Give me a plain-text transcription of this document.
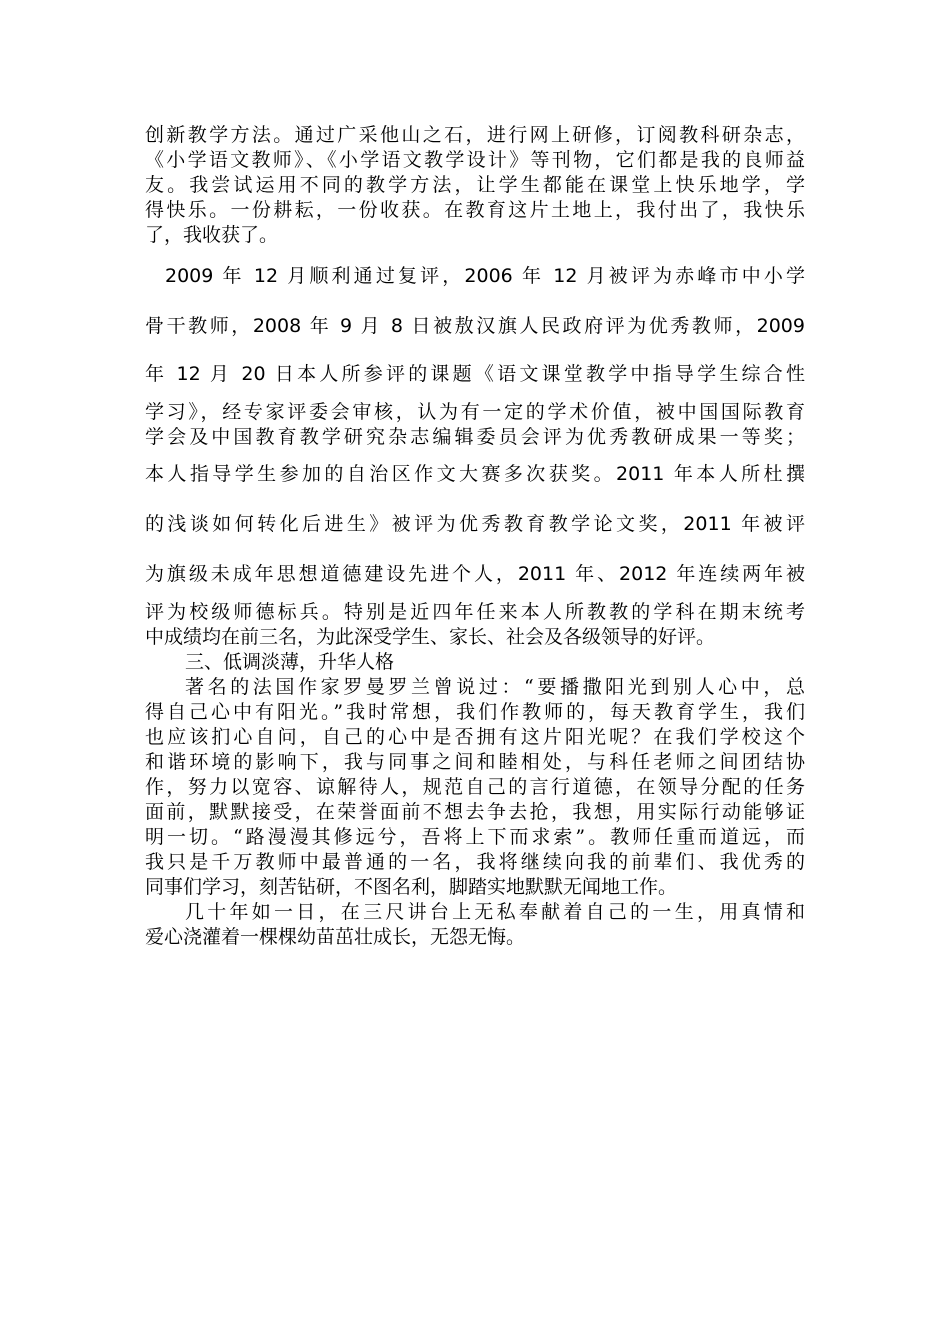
创新教学方法。通过广采他山之石，进行网上研修，订阅教科研杂志，

《小学语文教师》、《小学语文教学设计》等刊物，它们都是我的良师益

友。我尝试运用不同的教学方法，让学生都能在课堂上快乐地学，学

得快乐。一份耕耘，一份收获。在教育这片土地上，我付出了，我快乐

了，我收获了。

2009 年 12 月顺利通过复评，2006 年 12 月被评为赤峰市中小学

骨干教师，2008 年 9 月 8 日被敖汉旗人民政府评为优秀教师，2009

年 12 月 20 日本人所参评的课题《语文课堂教学中指导学生综合性

学习》，经专家评委会审核，认为有一定的学术价值，被中国国际教育

学会及中国教育教学研究杂志编辑委员会评为优秀教研成果一等奖；

本人指导学生参加的自治区作文大赛多次获奖。2011 年本人所杜撰

的浅谈如何转化后进生》被评为优秀教育教学论文奖，2011 年被评

为旗级未成年思想道德建设先进个人，2011 年、2012 年连续两年被

评为校级师德标兵。特别是近四年任来本人所教教的学科在期末统考

中成绩均在前三名，为此深受学生、家长、社会及各级领导的好评。

三、低调淡薄，升华人格

著名的法国作家罗曼罗兰曾说过：“要播撒阳光到别人心中，总

得自己心中有阳光。”我时常想，我们作教师的，每天教育学生，我们

也应该扪心自问，自己的心中是否拥有这片阳光呢？在我们学校这个

和谐环境的影响下，我与同事之间和睦相处，与科任老师之间团结协

作，努力以宽容、谅解待人，规范自己的言行道德，在领导分配的任务

面前，默默接受，在荣誉面前不想去争去抢，我想，用实际行动能够证

明一切。“路漫漫其修远兮，吾将上下而求索”。教师任重而道远，而

我只是千万教师中最普通的一名，我将继续向我的前辈们、我优秀的

同事们学习，刻苦钻研，不图名利，脚踏实地默默无闻地工作。

几十年如一日，在三尺讲台上无私奉献着自己的一生，用真情和

爱心浇灌着一棵棵幼苗茁壮成长，无怨无悔。
